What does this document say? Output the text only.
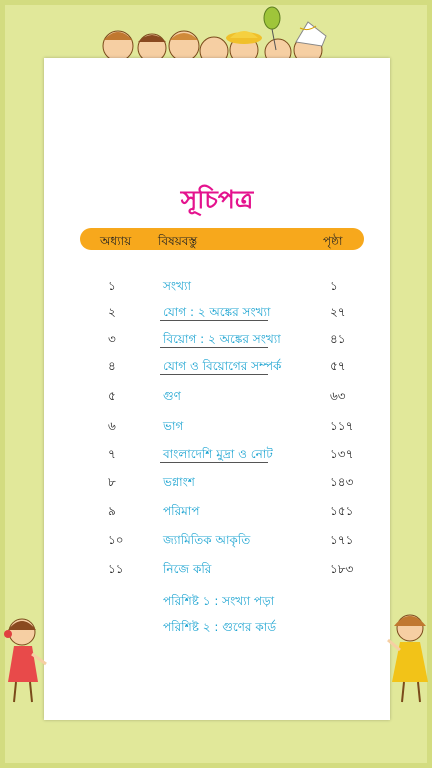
সূচিপত্র
অধ্যায় বিষয়বস্তু	পৃষ্ঠা
১	সংখ্যা	১
২	যোগ : ২ অঙ্কের সংখ্যা	২৭
৩	বিয়োগ : ২ অঙ্কের সংখ্যা	৪১
৪	যোগ ও বিয়োগের সম্পর্ক	৫৭
৫	গুণ	৬৩
৬	ভাগ	১১৭
৭	বাংলাদেশি মুদ্রা ও নোট	১৩৭
৮	ভগ্নাংশ	১৪৩
৯	পরিমাপ	১৫১
১০	জ্যামিতিক আকৃতি	১৭১
১১	নিজে করি	১৮৩
পরিশিষ্ট ১ : সংখ্যা পড়া
পরিশিষ্ট ২ : গুণের কার্ড
